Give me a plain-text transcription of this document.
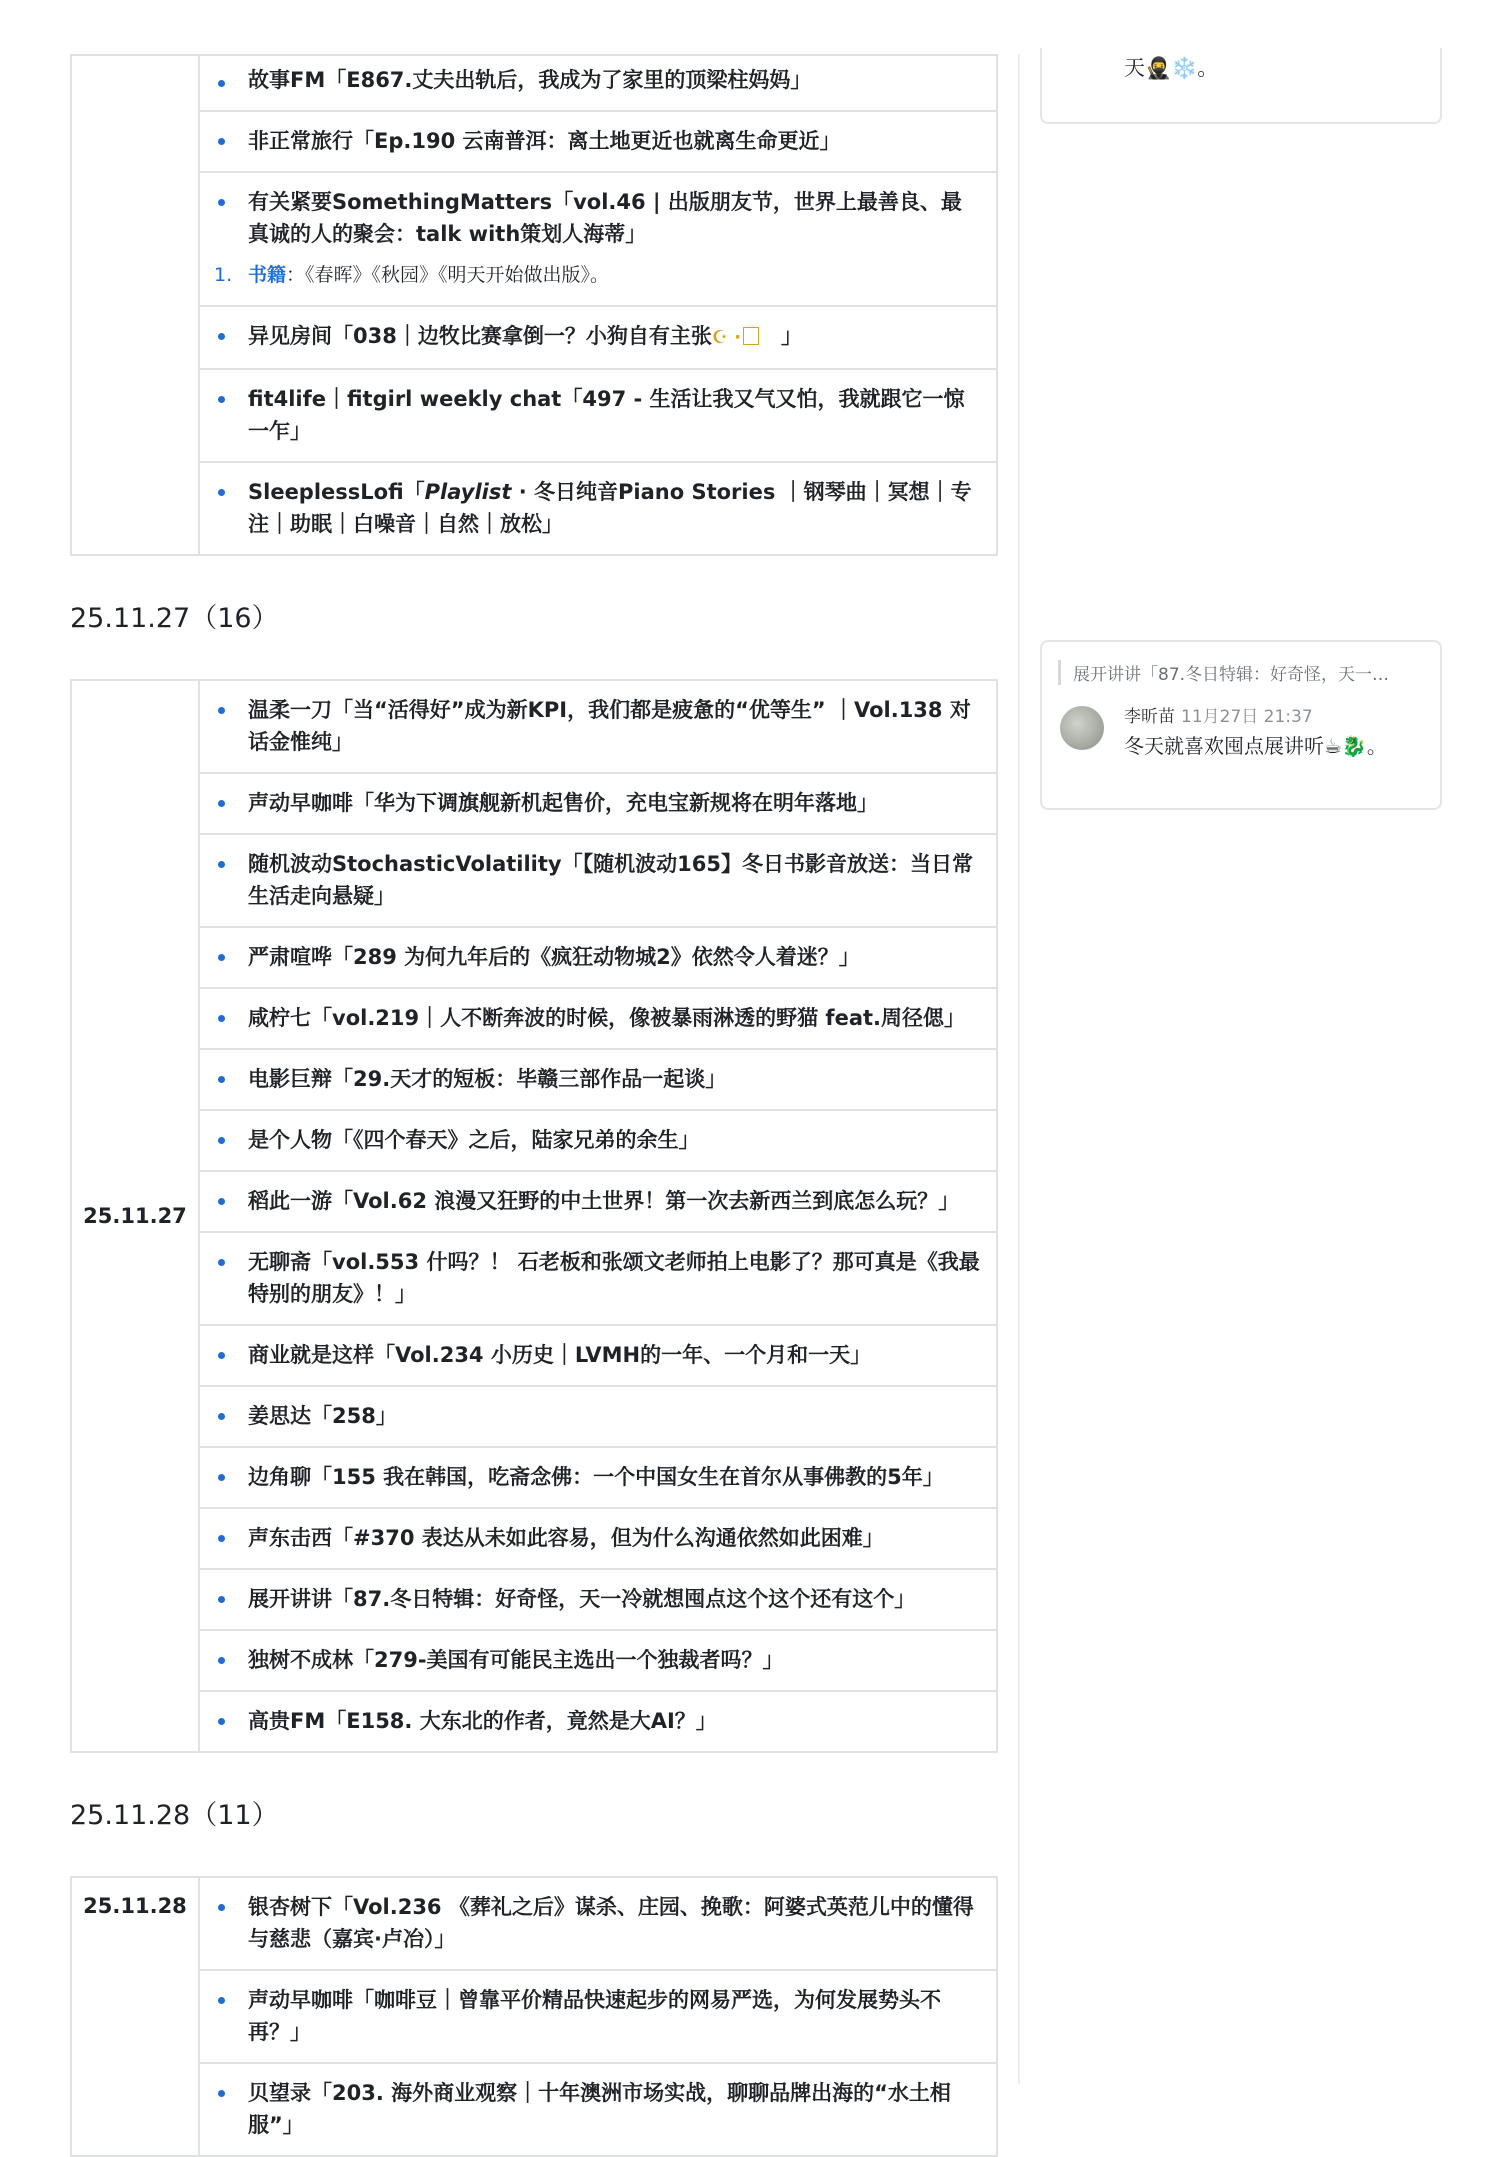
故事FM「E867.丈夫出轨后，我成为了家里的顶梁柱妈妈」

非正常旅行「Ep.190 云南普洱：离土地更近也就离生命更近」

有关紧要SomethingMatters「vol.46 | 出版朋友节，世界上最善良、最真诚的人的聚会：talk with策划人海蒂」
1. 书籍：《春晖》《秋园》《明天开始做出版》。

异见房间「038｜边牧比赛拿倒一？小狗自有主张☪ · 」

fit4life｜fitgirl weekly chat「497 - 生活让我又气又怕，我就跟它一惊一乍」

SleeplessLofi「Playlist · 冬日纯音Piano Stories ｜钢琴曲｜冥想｜专注｜助眠｜白噪音｜自然｜放松」
25.11.27（16）
25.11.27	
温柔一刀「当“活得好”成为新KPI，我们都是疲惫的“优等生” ｜Vol.138 对话金惟纯」

声动早咖啡「华为下调旗舰新机起售价，充电宝新规将在明年落地」

随机波动StochasticVolatility「【随机波动165】冬日书影音放送：当日常生活走向悬疑」

严肃喧哗「289 为何九年后的《疯狂动物城2》依然令人着迷？」

咸柠七「vol.219｜人不断奔波的时候，像被暴雨淋透的野猫 feat.周径偲」

电影巨辩「29.天才的短板：毕赣三部作品一起谈」

是个人物「《四个春天》之后，陆家兄弟的余生」

稻此一游「Vol.62 浪漫又狂野的中土世界！第一次去新西兰到底怎么玩？」

无聊斋「vol.553 什吗？！ 石老板和张颂文老师拍上电影了？那可真是《我最特别的朋友》！」

商业就是这样「Vol.234 小历史｜LVMH的一年、一个月和一天」

姜思达「258」

边角聊「155 我在韩国，吃斋念佛：一个中国女生在首尔从事佛教的5年」

声东击西「#370 表达从未如此容易，但为什么沟通依然如此困难」

展开讲讲「87.冬日特辑：好奇怪，天一冷就想囤点这个这个还有这个」

独树不成林「279-美国有可能民主选出一个独裁者吗？」

高贵FM「E158. 大东北的作者，竟然是大AI？」
25.11.28（11）
25.11.28	银杏树下「Vol.236 《葬礼之后》谋杀、庄园、挽歌：阿婆式英范儿中的懂得与慈悲（嘉宾·卢冶）」

声动早咖啡「咖啡豆｜曾靠平价精品快速起步的网易严选，为何发展势头不再？」

贝望录「203. 海外商业观察｜十年澳洲市场实战，聊聊品牌出海的“水土相服”」
天🥷❄️。
展开讲讲「87.冬日特辑：好奇怪，天一…
李昕苗 11月27日 21:37
冬天就喜欢囤点展讲听☕🐉。
